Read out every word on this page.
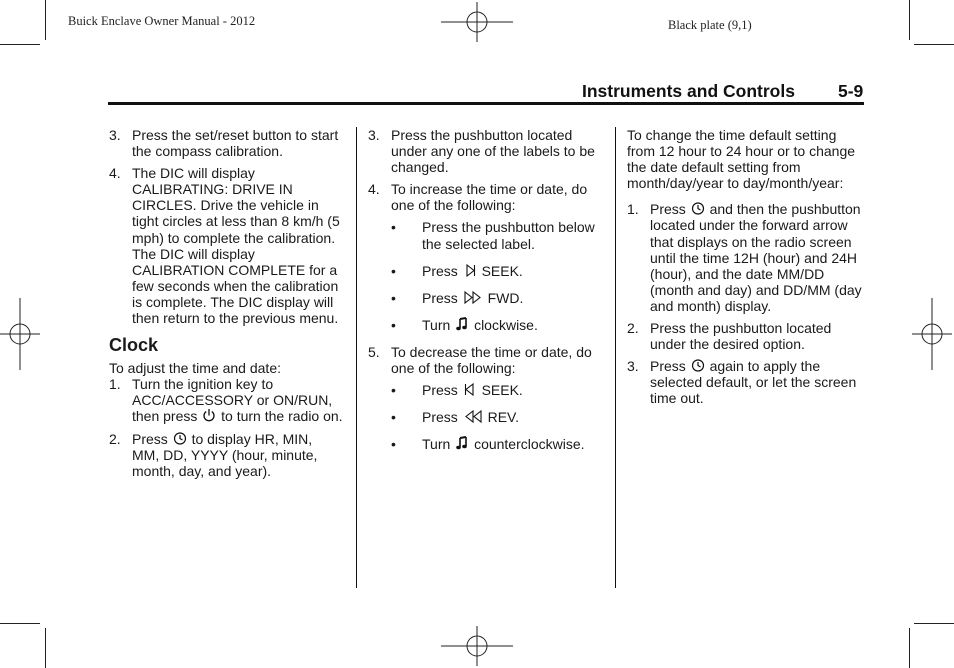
Buick Enclave Owner Manual - 2012	Black plate (9,1)
Instruments and Controls 5-9
3. Press the set/reset button to start the compass calibration.

4. The DIC will display CALIBRATING: DRIVE IN CIRCLES. Drive the vehicle in tight circles at less than 8 km/h (5 mph) to complete the calibration. The DIC will display CALIBRATION COMPLETE for a few seconds when the calibration is complete. The DIC display will then return to the previous menu.

Clock

To adjust the time and date:

1. Turn the ignition key to ACC/ACCESSORY or ON/RUN, then press to turn the radio on.

2. Press to display HR, MIN, MM, DD, YYYY (hour, minute, month, day, and year).

3. Press the pushbutton located under any one of the labels to be changed.

4. To increase the time or date, do one of the following:

• Press the pushbutton below the selected label.

• Press SEEK.

• Press FWD.

• Turn clockwise.

5. To decrease the time or date, do one of the following:

• Press SEEK.

• Press REV.

• Turn counterclockwise.

To change the time default setting from 12 hour to 24 hour or to change the date default setting from month/day/year to day/month/year:

1. Press and then the pushbutton located under the forward arrow that displays on the radio screen until the time 12H (hour) and 24H (hour), and the date MM/DD (month and day) and DD/MM (day and month) display.

2. Press the pushbutton located under the desired option.

3. Press again to apply the selected default, or let the screen time out.
